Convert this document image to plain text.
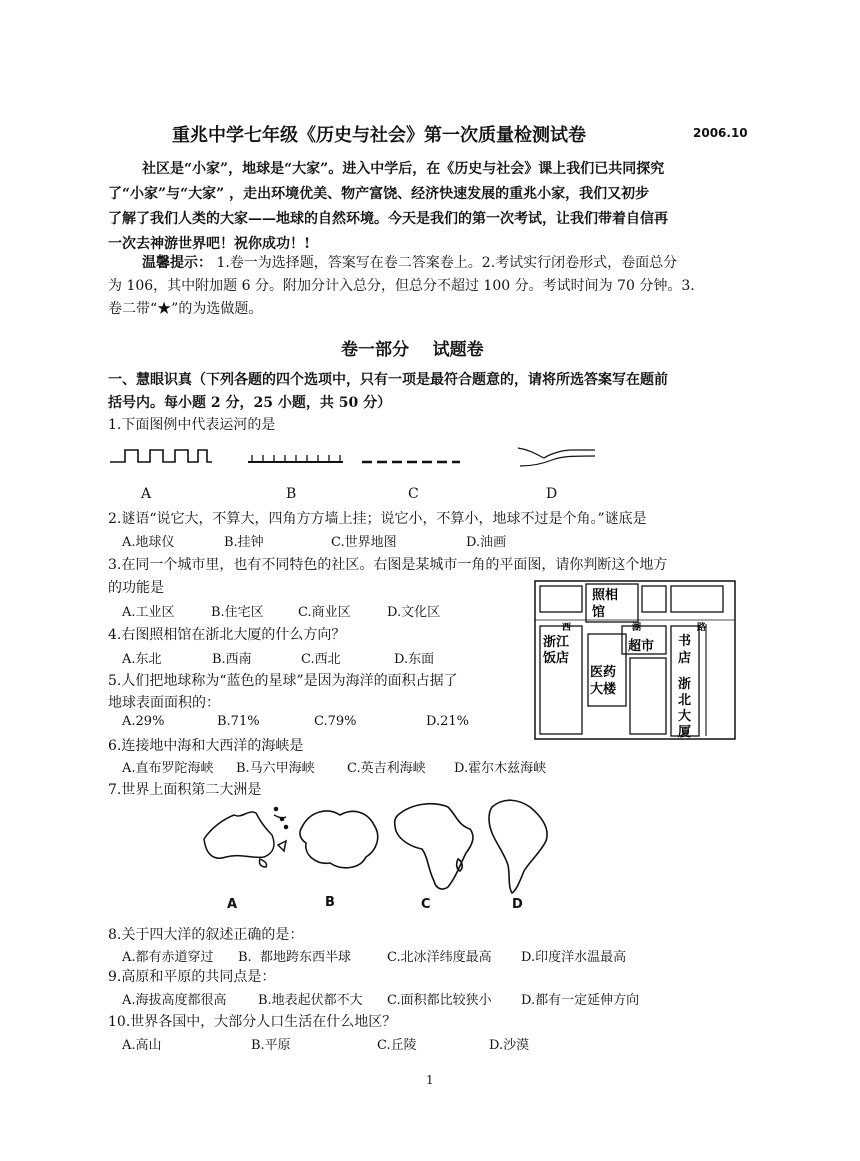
重兆中学七年级《历史与社会》第一次质量检测试卷	2006.10
社区是“小家”，地球是“大家”。进入中学后，在《历史与社会》课上我们已共同探究
了“小家”与“大家” ，走出环境优美、物产富饶、经济快速发展的重兆小家，我们又初步
了解了我们人类的大家——地球的自然环境。今天是我们的第一次考试，让我们带着自信再
一次去神游世界吧！祝你成功！!
温馨提示： 1.卷一为选择题，答案写在卷二答案卷上。2.考试实行闭卷形式，卷面总分
为 106，其中附加题 6 分。附加分计入总分，但总分不超过 100 分。考试时间为 70 分钟。3.
卷二带“★”的为选做题。
卷一部分    试题卷
一、慧眼识真（下列各题的四个选项中，只有一项是最符合题意的，请将所选答案写在题前
括号内。每小题 2 分，25 小题，共 50 分）
1.下面图例中代表运河的是
A	B	C	D
2.谜语“说它大，不算大，四角方方墙上挂；说它小，不算小，地球不过是个角。”谜底是
A.地球仪	B.挂钟	C.世界地图	D.油画
3.在同一个城市里，也有不同特色的社区。右图是某城市一角的平面图，请你判断这个地方
的功能是
A.工业区	B.住宅区	C.商业区	D.文化区
4.右图照相馆在浙北大厦的什么方向？
A.东北	B.西南	C.西北	D.东面
5.人们把地球称为“蓝色的星球”是因为海洋的面积占据了
地球表面面积的：
A.29%	B.71%	C.79%	D.21%
西	湖	路
照相
馆
浙江
饭店
超市
医药
大楼
书
店
浙
北
大
厦
6.连接地中海和大西洋的海峡是
A.直布罗陀海峡 B.马六甲海峡 C.英吉利海峡 D.霍尔木兹海峡
7.世界上面积第二大洲是
A	B	C	D
8.关于四大洋的叙述正确的是：
A.都有赤道穿过 B.  都地跨东西半球	C.北冰洋纬度最高 D.印度洋水温最高
9.高原和平原的共同点是：
A.海拔高度都很高 B.地表起伏都不大 C.面积都比较狭小 D.都有一定延伸方向
10.世界各国中，大部分人口生活在什么地区？
A.高山	B.平原	C.丘陵	D.沙漠
1
